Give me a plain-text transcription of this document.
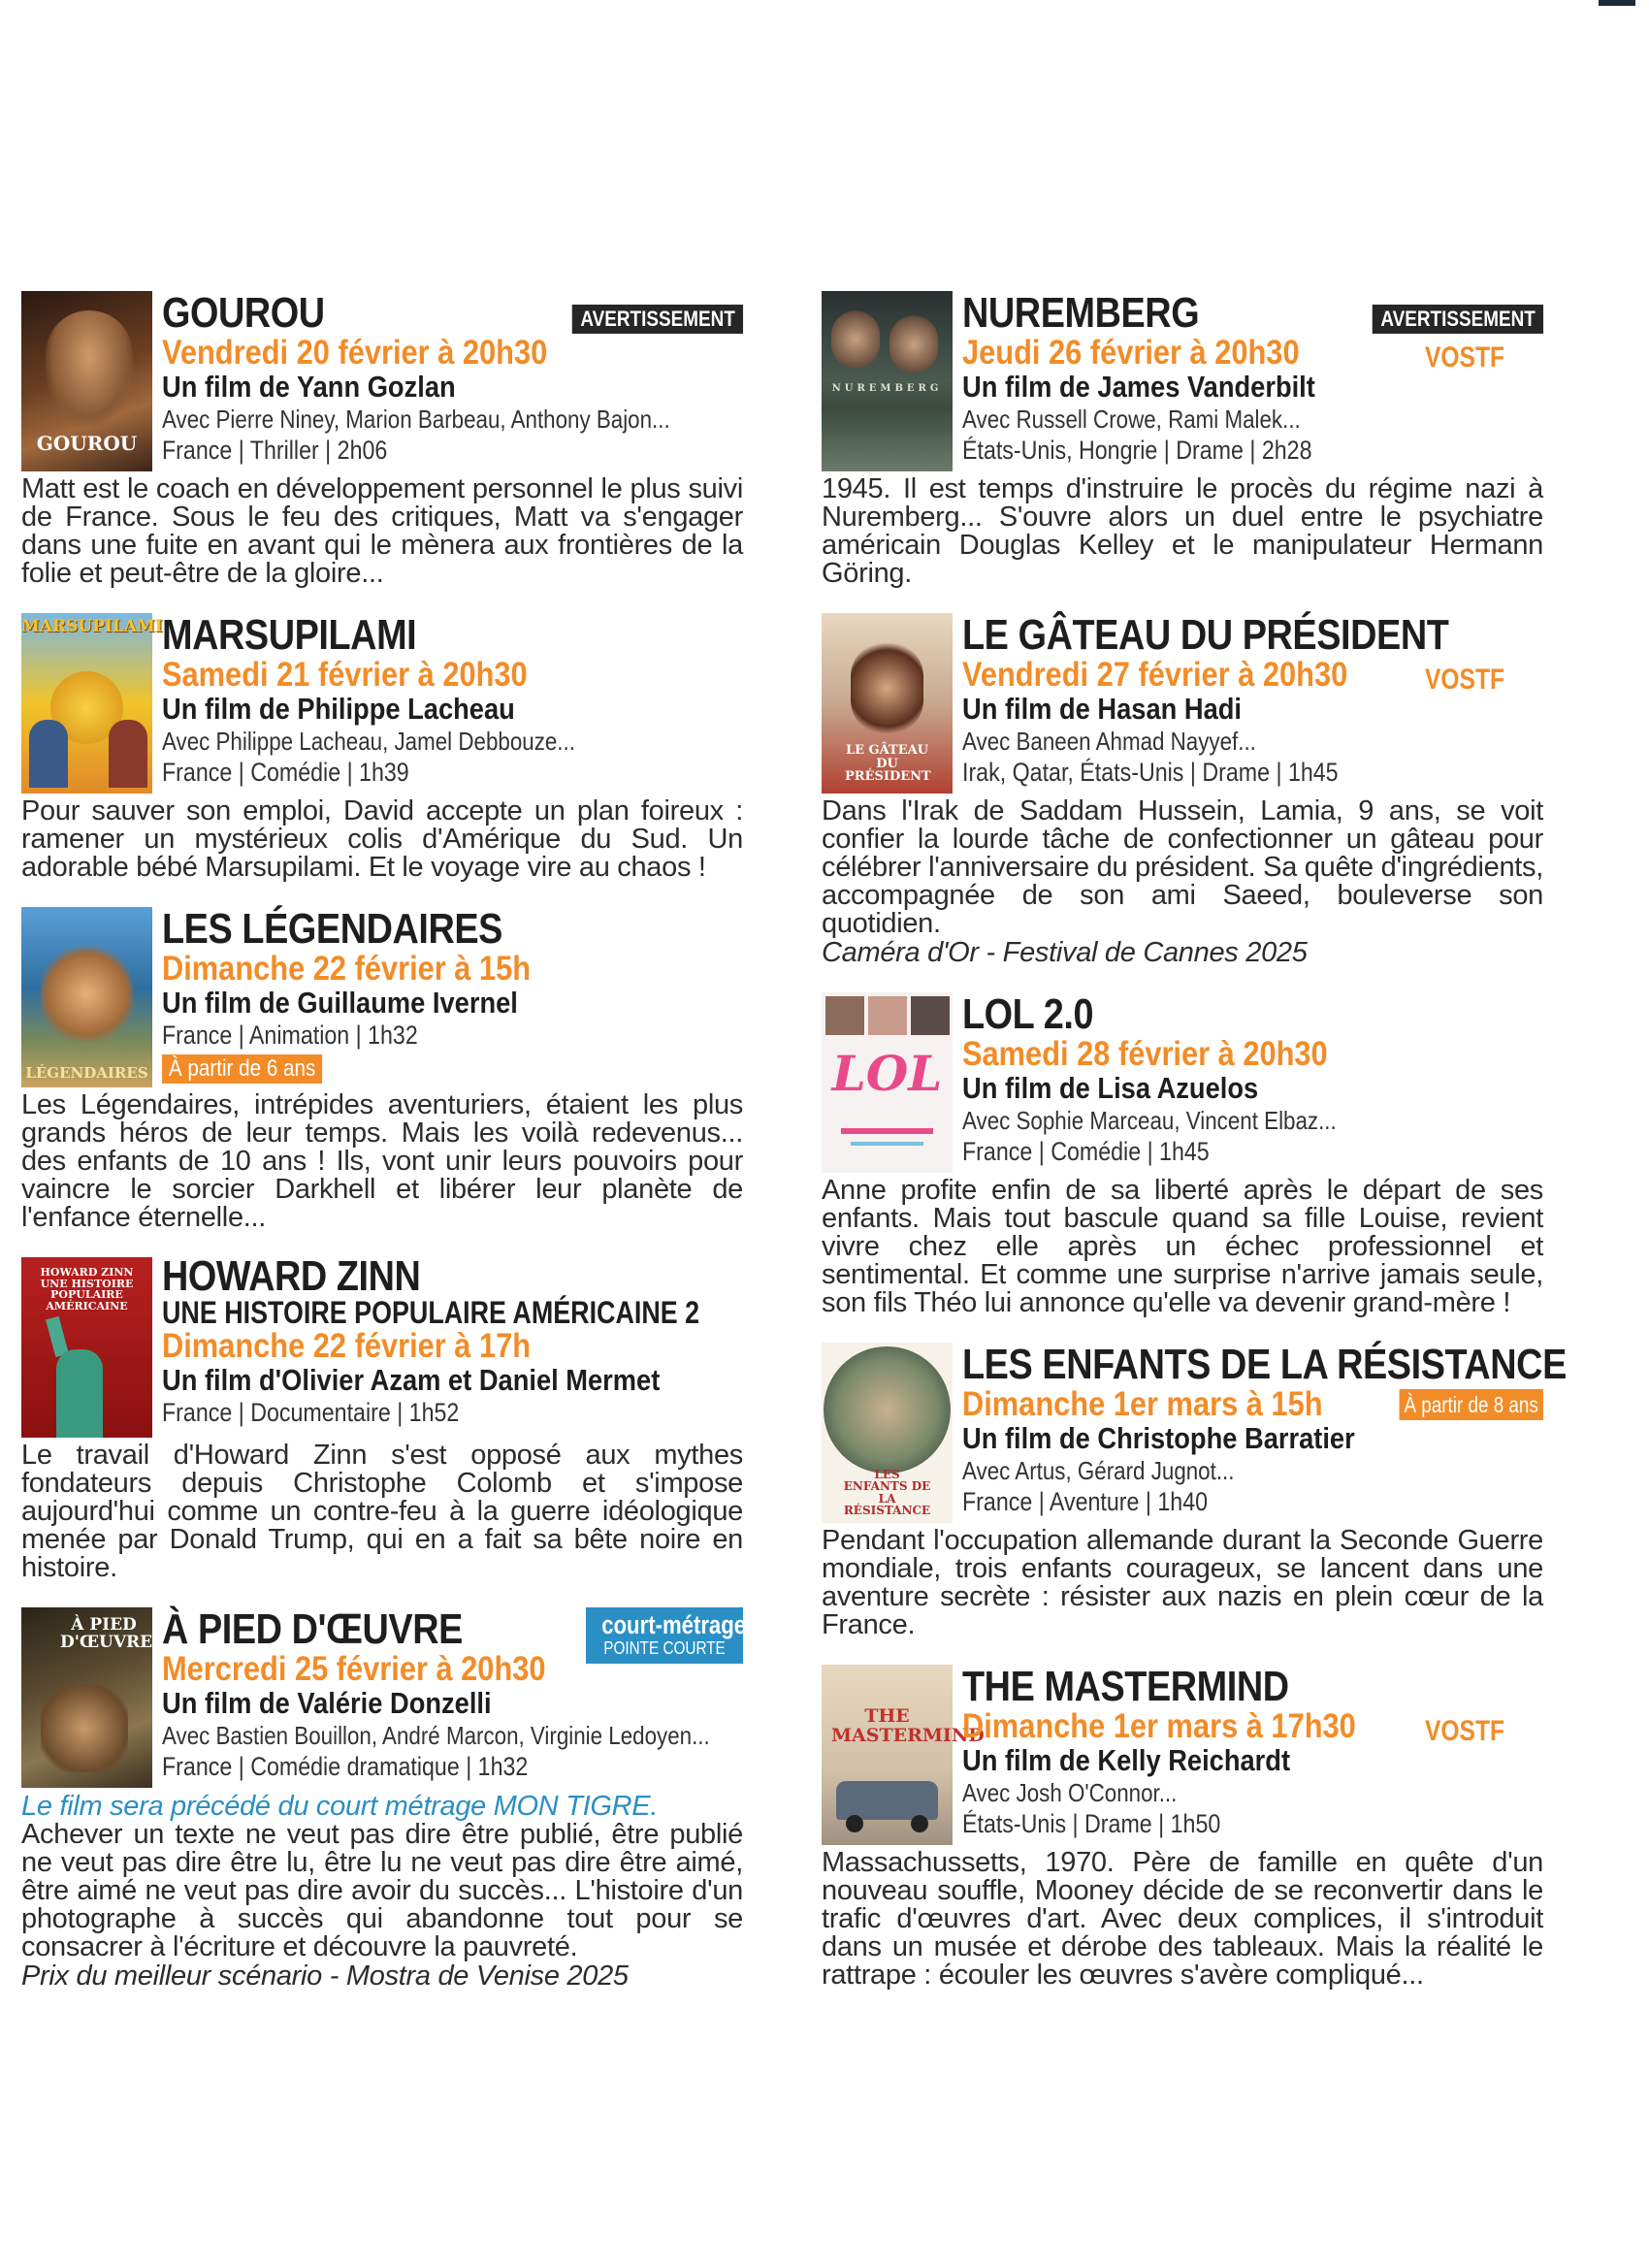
GOUROU
GOUROU	AVERTISSEMENT
Vendredi 20 février à 20h30
Un film de Yann Gozlan
Avec Pierre Niney, Marion Barbeau, Anthony Bajon...
France | Thriller | 2h06
Matt est le coach en développement personnel le plus suivi de France. Sous le feu des critiques, Matt va s'engager dans une fuite en avant qui le mènera aux frontières de la folie et peut-être de la gloire...
MARSUPILAMI MARSUPILAMI
Samedi 21 février à 20h30
Un film de Philippe Lacheau
Avec Philippe Lacheau, Jamel Debbouze...
France | Comédie | 1h39
Pour sauver son emploi, David accepte un plan foireux : ramener un mystérieux colis d'Amérique du Sud. Un adorable bébé Marsupilami. Et le voyage vire au chaos !
LÉGENDAIRES
LES LÉGENDAIRES
Dimanche 22 février à 15h
Un film de Guillaume Ivernel
France | Animation | 1h32
À partir de 6 ans
Les Légendaires, intrépides aventuriers, étaient les plus grands héros de leur temps. Mais les voilà redevenus... des enfants de 10 ans ! Ils, vont unir leurs pouvoirs pour vaincre le sorcier Darkhell et libérer leur planète de l'enfance éternelle...
HOWARD ZINN UNE HISTOIRE POPULAIRE AMÉRICAINE
HOWARD ZINN
UNE HISTOIRE POPULAIRE AMÉRICAINE 2
Dimanche 22 février à 17h
Un film d'Olivier Azam et Daniel Mermet
France | Documentaire | 1h52
Le travail d'Howard Zinn s'est opposé aux mythes fondateurs depuis Christophe Colomb et s'impose aujourd'hui comme un contre-feu à la guerre idéologique menée par Donald Trump, qui en a fait sa bête noire en histoire.
À PIED D'ŒUVRE À PIED D'ŒUVRE	court-métrage
POINTE COURTE
Mercredi 25 février à 20h30
Un film de Valérie Donzelli
Avec Bastien Bouillon, André Marcon, Virginie Ledoyen...
France | Comédie dramatique | 1h32
Le film sera précédé du court métrage MON TIGRE.
Achever un texte ne veut pas dire être publié, être publié ne veut pas dire être lu, être lu ne veut pas dire être aimé, être aimé ne veut pas dire avoir du succès... L'histoire d'un photographe à succès qui abandonne tout pour se consacrer à l'écriture et découvre la pauvreté.
Prix du meilleur scénario - Mostra de Venise 2025
NUREMBERG
NUREMBERG	AVERTISSEMENT
VOSTF
Jeudi 26 février à 20h30
Un film de James Vanderbilt
Avec Russell Crowe, Rami Malek...
États-Unis, Hongrie | Drame | 2h28
1945. Il est temps d'instruire le procès du régime nazi à Nuremberg... S'ouvre alors un duel entre le psychiatre américain Douglas Kelley et le manipulateur Hermann Göring.
LE GÂTEAU DU PRÉSIDENT
LE GÂTEAU DU PRÉSIDENT
VOSTF
Vendredi 27 février à 20h30
Un film de Hasan Hadi
Avec Baneen Ahmad Nayyef...
Irak, Qatar, États-Unis | Drame | 1h45
Dans l'Irak de Saddam Hussein, Lamia, 9 ans, se voit confier la lourde tâche de confectionner un gâteau pour célébrer l'anniversaire du président. Sa quête d'ingrédients, accompagnée de son ami Saeed, bouleverse son quotidien.
Caméra d'Or - Festival de Cannes 2025
LOL
LOL 2.0
Samedi 28 février à 20h30
Un film de Lisa Azuelos
Avec Sophie Marceau, Vincent Elbaz...
France | Comédie | 1h45
Anne profite enfin de sa liberté après le départ de ses enfants. Mais tout bascule quand sa fille Louise, revient vivre chez elle après un échec professionnel et sentimental. Et comme une surprise n'arrive jamais seule, son fils Théo lui annonce qu'elle va devenir grand-mère !
LES ENFANTS DE LA RÉSISTANCE
LES ENFANTS DE LA RÉSISTANCE
À partir de 8 ans
Dimanche 1er mars à 15h
Un film de Christophe Barratier
Avec Artus, Gérard Jugnot...
France | Aventure | 1h40
Pendant l'occupation allemande durant la Seconde Guerre mondiale, trois enfants courageux, se lancent dans une aventure secrète : résister aux nazis en plein cœur de la France.
THE MASTERMIND
THE MASTERMIND
VOSTF
Dimanche 1er mars à 17h30
Un film de Kelly Reichardt
Avec Josh O'Connor...
États-Unis | Drame | 1h50
Massachussetts, 1970. Père de famille en quête d'un nouveau souffle, Mooney décide de se reconvertir dans le trafic d'œuvres d'art. Avec deux complices, il s'introduit dans un musée et dérobe des tableaux. Mais la réalité le rattrape : écouler les œuvres s'avère compliqué...
